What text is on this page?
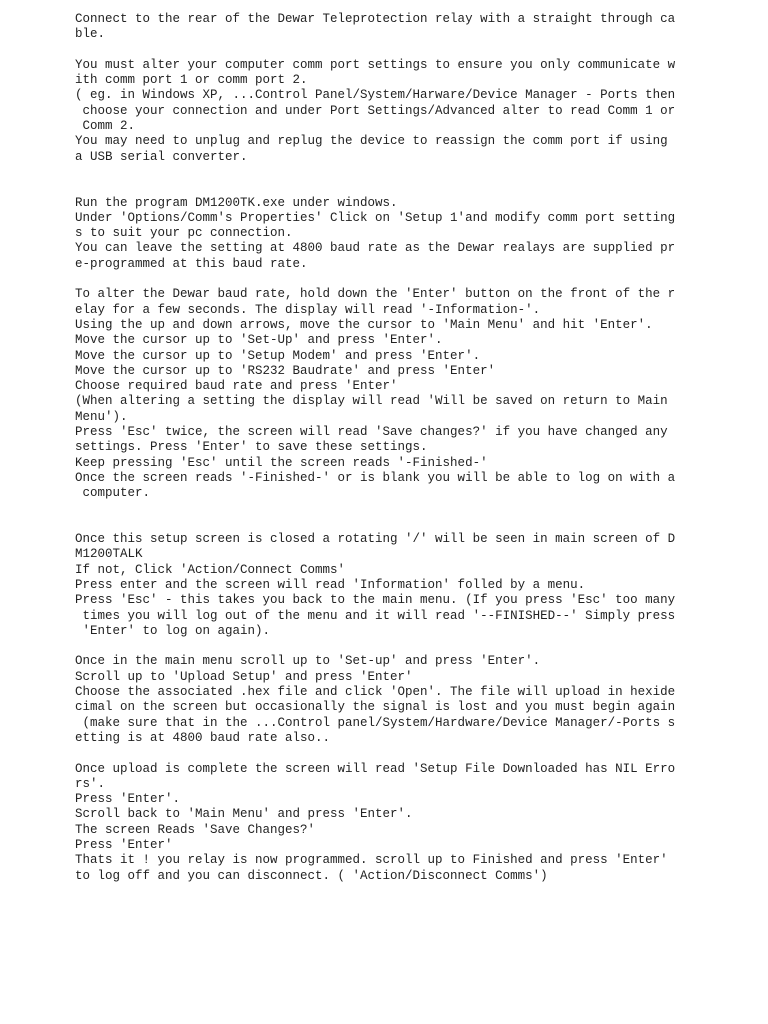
Connect to the rear of the Dewar Teleprotection relay with a straight through ca
ble.
You must alter your computer comm port settings to ensure you only communicate w
ith comm port 1 or comm port 2.
( eg. in Windows XP, ...Control Panel/System/Harware/Device Manager - Ports then
choose your connection and under Port Settings/Advanced alter to read Comm 1 or
Comm 2.
You may need to unplug and replug the device to reassign the comm port if using
a USB serial converter.
Run the program DM1200TK.exe under windows.
Under 'Options/Comm's Properties' Click on 'Setup 1'and modify comm port setting
s to suit your pc connection.
You can leave the setting at 4800 baud rate as the Dewar realays are supplied pr
e-programmed at this baud rate.
To alter the Dewar baud rate, hold down the 'Enter' button on the front of the r
elay for a few seconds. The display will read '-Information-'.
Using the up and down arrows, move the cursor to 'Main Menu' and hit 'Enter'.
Move the cursor up to 'Set-Up' and press 'Enter'.
Move the cursor up to 'Setup Modem' and press 'Enter'.
Move the cursor up to 'RS232 Baudrate' and press 'Enter'
Choose required baud rate and press 'Enter'
(When altering a setting the display will read 'Will be saved on return to Main
Menu').
Press 'Esc' twice, the screen will read 'Save changes?' if you have changed any
settings. Press 'Enter' to save these settings.
Keep pressing 'Esc' until the screen reads '-Finished-'
Once the screen reads '-Finished-' or is blank you will be able to log on with a
computer.
Once this setup screen is closed a rotating '/' will be seen in main screen of D
M1200TALK
If not, Click 'Action/Connect Comms'
Press enter and the screen will read 'Information' folled by a menu.
Press 'Esc' - this takes you back to the main menu. (If you press 'Esc' too many
times you will log out of the menu and it will read '--FINISHED--' Simply press
'Enter' to log on again).
Once in the main menu scroll up to 'Set-up' and press 'Enter'.
Scroll up to 'Upload Setup' and press 'Enter'
Choose the associated .hex file and click 'Open'. The file will upload in hexide
cimal on the screen but occasionally the signal is lost and you must begin again
(make sure that in the ...Control panel/System/Hardware/Device Manager/-Ports s
etting is at 4800 baud rate also..
Once upload is complete the screen will read 'Setup File Downloaded has NIL Erro
rs'.
Press 'Enter'.
Scroll back to 'Main Menu' and press 'Enter'.
The screen Reads 'Save Changes?'
Press 'Enter'
Thats it ! you relay is now programmed. scroll up to Finished and press 'Enter'
to log off and you can disconnect. ( 'Action/Disconnect Comms')
